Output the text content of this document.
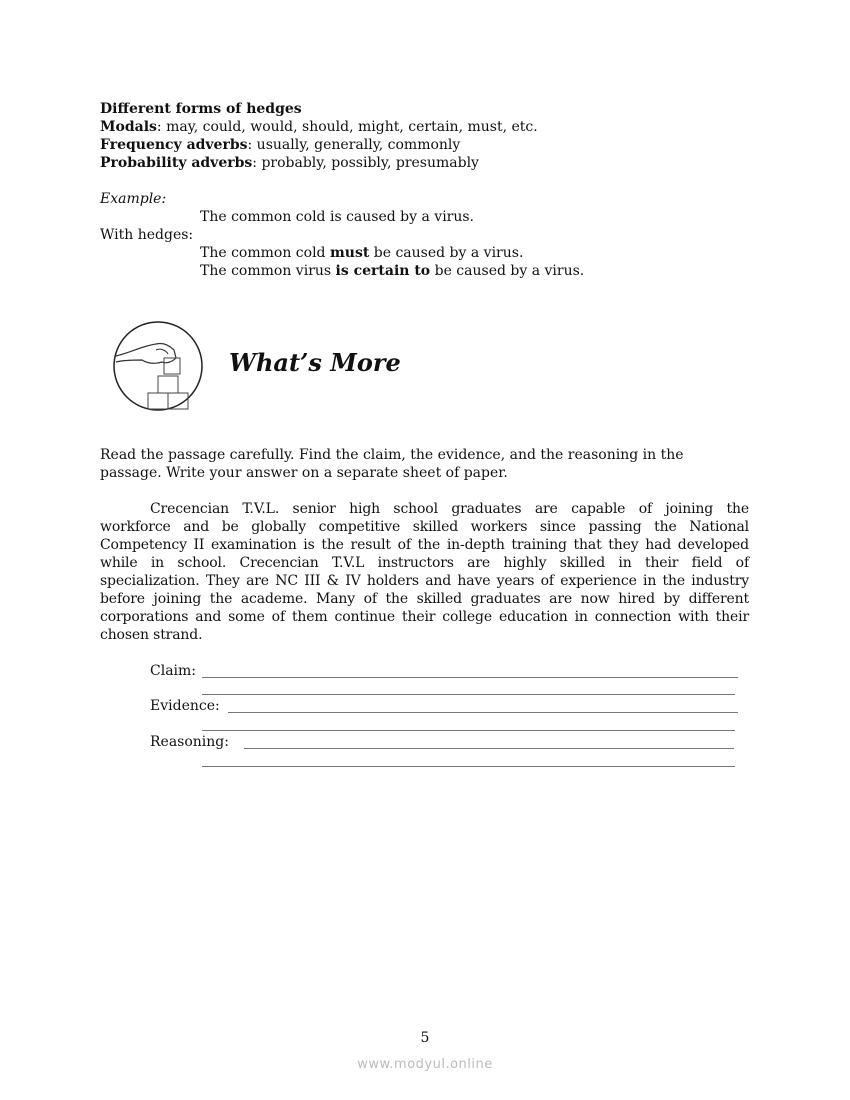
Different forms of hedges
Modals: may, could, would, should, might, certain, must, etc.
Frequency adverbs: usually, generally, commonly
Probability adverbs: probably, possibly, presumably
Example:
The common cold is caused by a virus.
With hedges:
The common cold must be caused by a virus.
The common virus is certain to be caused by a virus.
What’s More
Read the passage carefully. Find the claim, the evidence, and the reasoning in the
passage. Write your answer on a separate sheet of paper.
Crecencian T.V.L. senior high school graduates are capable of joining the
workforce and be globally competitive skilled workers since passing the National
Competency II examination is the result of the in-depth training that they had developed
while in school. Crecencian T.V.L instructors are highly skilled in their field of
specialization. They are NC III & IV holders and have years of experience in the industry
before joining the academe. Many of the skilled graduates are now hired by different
corporations and some of them continue their college education in connection with their
chosen strand.
Claim:
Evidence:
Reasoning:
5
www.modyul.online
